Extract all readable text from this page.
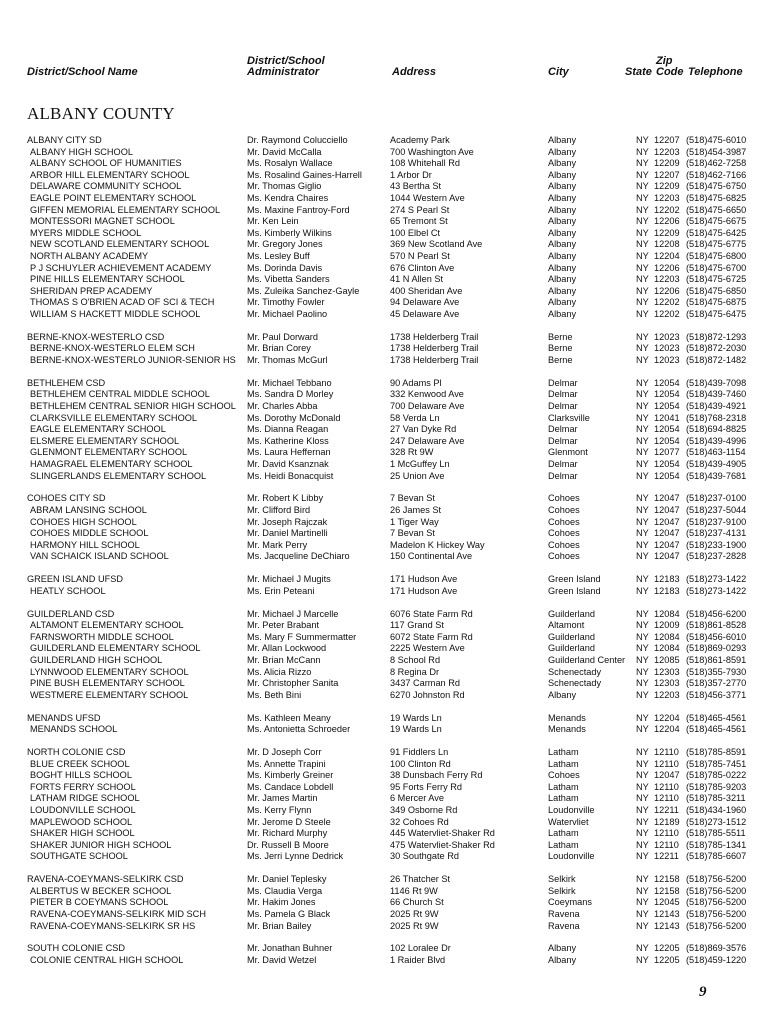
District/School Name
District/School
Administrator	Address	City	State
Zip
Code Telephone
ALBANY COUNTY
ALBANY CITY SD	Dr. Raymond Colucciello	Academy Park	Albany	NY 12207 (518)475-6010
ALBANY HIGH SCHOOL	Mr. David McCalla	700 Washington Ave	Albany	NY 12203 (518)454-3987
ALBANY SCHOOL OF HUMANITIES	Ms. Rosalyn Wallace	108 Whitehall Rd	Albany	NY 12209 (518)462-7258
ARBOR HILL ELEMENTARY SCHOOL	Ms. Rosalind Gaines-Harrell	1 Arbor Dr	Albany	NY 12207 (518)462-7166
DELAWARE COMMUNITY SCHOOL	Mr. Thomas Giglio	43 Bertha St	Albany	NY 12209 (518)475-6750
EAGLE POINT ELEMENTARY SCHOOL	Ms. Kendra Chaires	1044 Western Ave	Albany	NY 12203 (518)475-6825
GIFFEN MEMORIAL ELEMENTARY SCHOOL	Ms. Maxine Fantroy-Ford	274 S Pearl St	Albany	NY 12202 (518)475-6650
MONTESSORI MAGNET SCHOOL	Mr. Ken Lein	65 Tremont St	Albany	NY 12206 (518)475-6675
MYERS MIDDLE SCHOOL	Ms. Kimberly Wilkins	100 Elbel Ct	Albany	NY 12209 (518)475-6425
NEW SCOTLAND ELEMENTARY SCHOOL	Mr. Gregory Jones	369 New Scotland Ave	Albany	NY 12208 (518)475-6775
NORTH ALBANY ACADEMY	Ms. Lesley Buff	570 N Pearl St	Albany	NY 12204 (518)475-6800
P J SCHUYLER ACHIEVEMENT ACADEMY	Ms. Dorinda Davis	676 Clinton Ave	Albany	NY 12206 (518)475-6700
PINE HILLS ELEMENTARY SCHOOL	Ms. Vibetta Sanders	41 N Allen St	Albany	NY 12203 (518)475-6725
SHERIDAN PREP ACADEMY	Ms. Zuleika Sanchez-Gayle	400 Sheridan Ave	Albany	NY 12206 (518)475-6850
THOMAS S O'BRIEN ACAD OF SCI & TECH	Mr. Timothy Fowler	94 Delaware Ave	Albany	NY 12202 (518)475-6875
WILLIAM S HACKETT MIDDLE SCHOOL	Mr. Michael Paolino	45 Delaware Ave	Albany	NY 12202 (518)475-6475
BERNE-KNOX-WESTERLO CSD	Mr. Paul Dorward	1738 Helderberg Trail	Berne	NY 12023 (518)872-1293
BERNE-KNOX-WESTERLO ELEM SCH	Mr. Brian Corey	1738 Helderberg Trail	Berne	NY 12023 (518)872-2030
BERNE-KNOX-WESTERLO JUNIOR-SENIOR HS Mr. Thomas McGurl	1738 Helderberg Trail	Berne	NY 12023 (518)872-1482
BETHLEHEM CSD	Mr. Michael Tebbano	90 Adams Pl	Delmar	NY 12054 (518)439-7098
BETHLEHEM CENTRAL MIDDLE SCHOOL	Ms. Sandra D Morley	332 Kenwood Ave	Delmar	NY 12054 (518)439-7460
BETHLEHEM CENTRAL SENIOR HIGH SCHOOL Mr. Charles Abba	700 Delaware Ave	Delmar	NY 12054 (518)439-4921
CLARKSVILLE ELEMENTARY SCHOOL	Ms. Dorothy McDonald	58 Verda Ln	Clarksville	NY 12041 (518)768-2318
EAGLE ELEMENTARY SCHOOL	Ms. Dianna Reagan	27 Van Dyke Rd	Delmar	NY 12054 (518)694-8825
ELSMERE ELEMENTARY SCHOOL	Ms. Katherine Kloss	247 Delaware Ave	Delmar	NY 12054 (518)439-4996
GLENMONT ELEMENTARY SCHOOL	Ms. Laura Heffernan	328 Rt 9W	Glenmont	NY 12077 (518)463-1154
HAMAGRAEL ELEMENTARY SCHOOL	Mr. David Ksanznak	1 McGuffey Ln	Delmar	NY 12054 (518)439-4905
SLINGERLANDS ELEMENTARY SCHOOL	Ms. Heidi Bonacquist	25 Union Ave	Delmar	NY 12054 (518)439-7681
COHOES CITY SD	Mr. Robert K Libby	7 Bevan St	Cohoes	NY 12047 (518)237-0100
ABRAM LANSING SCHOOL	Mr. Clifford Bird	26 James St	Cohoes	NY 12047 (518)237-5044
COHOES HIGH SCHOOL	Mr. Joseph Rajczak	1 Tiger Way	Cohoes	NY 12047 (518)237-9100
COHOES MIDDLE SCHOOL	Mr. Daniel Martinelli	7 Bevan St	Cohoes	NY 12047 (518)237-4131
HARMONY HILL SCHOOL	Mr. Mark Perry	Madelon K Hickey Way	Cohoes	NY 12047 (518)233-1900
VAN SCHAICK ISLAND SCHOOL	Ms. Jacqueline DeChiaro	150 Continental Ave	Cohoes	NY 12047 (518)237-2828
GREEN ISLAND UFSD	Mr. Michael J Mugits	171 Hudson Ave	Green Island	NY 12183 (518)273-1422
HEATLY SCHOOL	Ms. Erin Peteani	171 Hudson Ave	Green Island	NY 12183 (518)273-1422
GUILDERLAND CSD	Mr. Michael J Marcelle	6076 State Farm Rd	Guilderland	NY 12084 (518)456-6200
ALTAMONT ELEMENTARY SCHOOL	Mr. Peter Brabant	117 Grand St	Altamont	NY 12009 (518)861-8528
FARNSWORTH MIDDLE SCHOOL	Ms. Mary F Summermatter	6072 State Farm Rd	Guilderland	NY 12084 (518)456-6010
GUILDERLAND ELEMENTARY SCHOOL	Mr. Allan Lockwood	2225 Western Ave	Guilderland	NY 12084 (518)869-0293
GUILDERLAND HIGH SCHOOL	Mr. Brian McCann	8 School Rd	Guilderland Center NY 12085 (518)861-8591
LYNNWOOD ELEMENTARY SCHOOL	Ms. Alicia Rizzo	8 Regina Dr	Schenectady	NY 12303 (518)355-7930
PINE BUSH ELEMENTARY SCHOOL	Mr. Christopher Sanita	3437 Carman Rd	Schenectady	NY 12303 (518)357-2770
WESTMERE ELEMENTARY SCHOOL	Ms. Beth Bini	6270 Johnston Rd	Albany	NY 12203 (518)456-3771
MENANDS UFSD	Ms. Kathleen Meany	19 Wards Ln	Menands	NY 12204 (518)465-4561
MENANDS SCHOOL	Ms. Antonietta Schroeder	19 Wards Ln	Menands	NY 12204 (518)465-4561
NORTH COLONIE CSD	Mr. D Joseph Corr	91 Fiddlers Ln	Latham	NY 12110 (518)785-8591
BLUE CREEK SCHOOL	Ms. Annette Trapini	100 Clinton Rd	Latham	NY 12110 (518)785-7451
BOGHT HILLS SCHOOL	Ms. Kimberly Greiner	38 Dunsbach Ferry Rd	Cohoes	NY 12047 (518)785-0222
FORTS FERRY SCHOOL	Ms. Candace Lobdell	95 Forts Ferry Rd	Latham	NY 12110 (518)785-9203
LATHAM RIDGE SCHOOL	Mr. James Martin	6 Mercer Ave	Latham	NY 12110 (518)785-3211
LOUDONVILLE SCHOOL	Ms. Kerry Flynn	349 Osborne Rd	Loudonville	NY 12211 (518)434-1960
MAPLEWOOD SCHOOL	Mr. Jerome D Steele	32 Cohoes Rd	Watervliet	NY 12189 (518)273-1512
SHAKER HIGH SCHOOL	Mr. Richard Murphy	445 Watervliet-Shaker Rd	Latham	NY 12110 (518)785-5511
SHAKER JUNIOR HIGH SCHOOL	Dr. Russell B Moore	475 Watervliet-Shaker Rd	Latham	NY 12110 (518)785-1341
SOUTHGATE SCHOOL	Ms. Jerri Lynne Dedrick	30 Southgate Rd	Loudonville	NY 12211 (518)785-6607
RAVENA-COEYMANS-SELKIRK CSD	Mr. Daniel Teplesky	26 Thatcher St	Selkirk	NY 12158 (518)756-5200
ALBERTUS W BECKER SCHOOL	Ms. Claudia Verga	1146 Rt 9W	Selkirk	NY 12158 (518)756-5200
PIETER B COEYMANS SCHOOL	Mr. Hakim Jones	66 Church St	Coeymans	NY 12045 (518)756-5200
RAVENA-COEYMANS-SELKIRK MID SCH	Ms. Pamela G Black	2025 Rt 9W	Ravena	NY 12143 (518)756-5200
RAVENA-COEYMANS-SELKIRK SR HS	Mr. Brian Bailey	2025 Rt 9W	Ravena	NY 12143 (518)756-5200
SOUTH COLONIE CSD	Mr. Jonathan Buhner	102 Loralee Dr	Albany	NY 12205 (518)869-3576
COLONIE CENTRAL HIGH SCHOOL	Mr. David Wetzel	1 Raider Blvd	Albany	NY 12205 (518)459-1220
9
